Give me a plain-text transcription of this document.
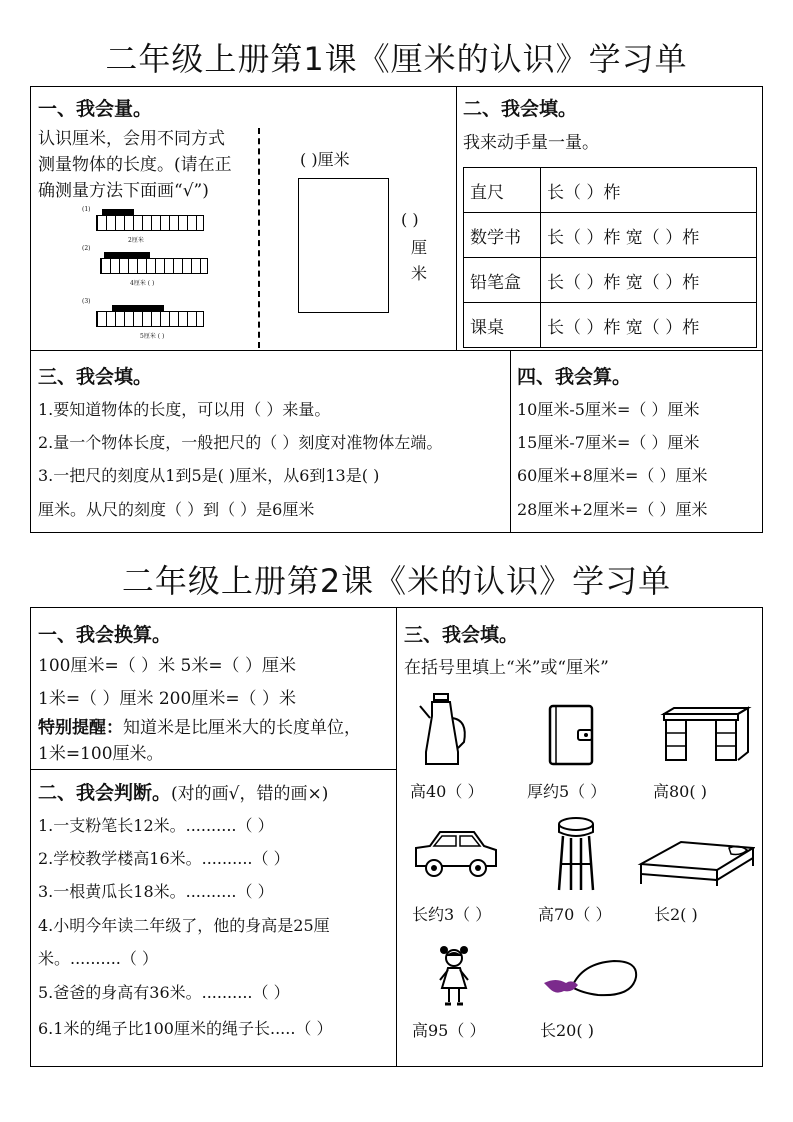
二年级上册第1课《厘米的认识》学习单
一、我会量。
认识厘米，会用不同方式
测量物体的长度。(请在正
确测量方法下面画“√”)
(1)
2厘米
(2)
4厘米 ( )
(3)
5厘米 ( )
( )厘米
( )
厘
米
二、我会填。
我来动手量一量。
直尺	长（ ）柞
数学书	长（ ）柞 宽（ ）柞
铅笔盒	长（ ）柞 宽（ ）柞
课桌	长（ ）柞 宽（ ）柞
三、我会填。
1.要知道物体的长度，可以用（ ）来量。
2.量一个物体长度，一般把尺的（ ）刻度对准物体左端。
3.一把尺的刻度从1到5是( )厘米，从6到13是( )
厘米。从尺的刻度（ ）到（ ）是6厘米
四、我会算。
10厘米-5厘米=（ ）厘米
15厘米-7厘米=（ ）厘米
60厘米+8厘米=（ ）厘米
28厘米+2厘米=（ ）厘米
二年级上册第2课《米的认识》学习单
一、我会换算。
100厘米=（ ）米 5米=（ ）厘米
1米=（ ）厘米 200厘米=（ ）米
特别提醒：知道米是比厘米大的长度单位，
1米=100厘米。
二、我会判断。(对的画√，错的画×)
1.一支粉笔长12米。..........（ ）
2.学校教学楼高16米。..........（ ）
3.一根黄瓜长18米。..........（ ）
4.小明今年读二年级了，他的身高是25厘
米。..........（ ）
5.爸爸的身高有36米。..........（ ）
6.1米的绳子比100厘米的绳子长.....（ ）
三、我会填。
在括号里填上“米”或“厘米”
高40（ ）	厚约5（ ）	高80( )
长约3（ ）	高70（ ）	长2( )
高95（ ）	长20( )
